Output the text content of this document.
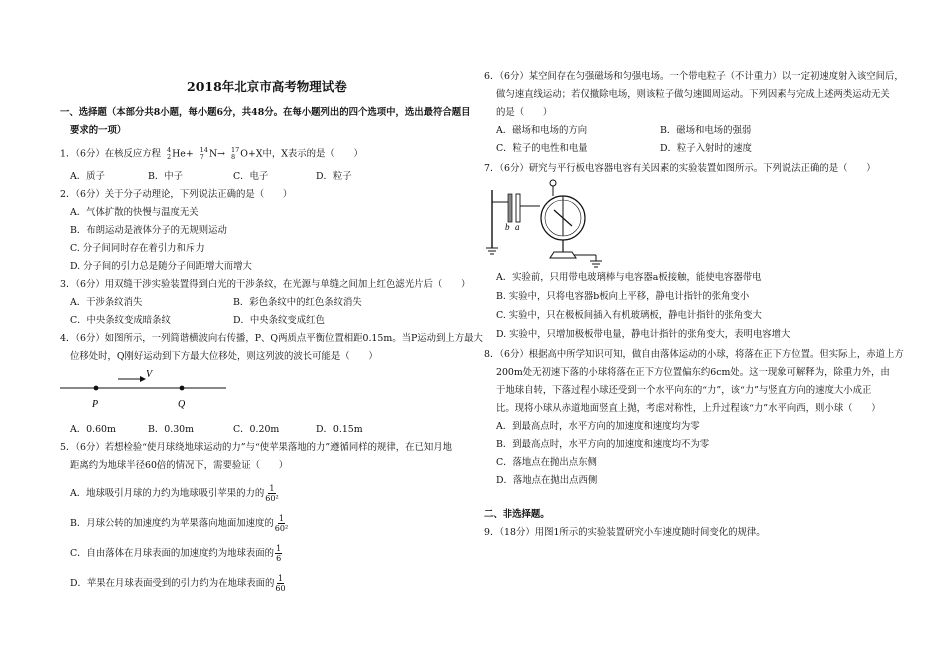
2018年北京市高考物理试卷
一、选择题（本部分共8小题，每小题6分，共48分。在每小题列出的四个选项中，选出最符合题目
要求的一项）
1．（6分）在核反应方程 4
2 He+ 14
7 N→ 17
8 O+X中，X表示的是（　　）
A．质子	B．中子	C．电子	D．粒子
2．（6分）关于分子动理论，下列说法正确的是（　　）
A．气体扩散的快慢与温度无关
B．布朗运动是液体分子的无规则运动
C. 分子间同时存在着引力和斥力
D. 分子间的引力总是随分子间距增大而增大
3．（6分）用双缝干涉实验装置得到白光的干涉条纹，在光源与单缝之间加上红色滤光片后（　　）
A．干涉条纹消失	B．彩色条纹中的红色条纹消失
C．中央条纹变成暗条纹	D．中央条纹变成红色
4．（6分）如图所示，一列简谐横波向右传播，P、Q两质点平衡位置相距0.15m。当P运动到上方最大
位移处时，Q刚好运动到下方最大位移处，则这列波的波长可能是（　　）
V
P	Q
A．0.60m	B．0.30m	C．0.20m	D．0.15m
5．（6分）若想检验“使月球绕地球运动的力”与“使苹果落地的力”遵循同样的规律，在已知月地
距离约为地球半径60倍的情况下，需要验证（　　）
A．地球吸引月球的力约为地球吸引苹果的力的 $\frac{1}{\text{60²}}$
B．月球公转的加速度约为苹果落向地面加速度的 $\frac{1}{\text{60²}}$
C．自由落体在月球表面的加速度约为地球表面的 $\frac{1}{6}$
D．苹果在月球表面受到的引力约为在地球表面的 $\frac{1}{60}$
6．（6分）某空间存在匀强磁场和匀强电场。一个带电粒子（不计重力）以一定初速度射入该空间后，
做匀速直线运动；若仅撤除电场，则该粒子做匀速圆周运动。下列因素与完成上述两类运动无关
的是（　　）
A．磁场和电场的方向	B．磁场和电场的强弱
C．粒子的电性和电量	D．粒子入射时的速度
7．（6分）研究与平行板电容器电容有关因素的实验装置如图所示。下列说法正确的是（　　）
b a
A．实验前，只用带电玻璃棒与电容器a板接触，能使电容器带电
B. 实验中，只将电容器b板向上平移，静电计指针的张角变小
C. 实验中，只在极板间插入有机玻璃板，静电计指针的张角变大
D. 实验中，只增加极板带电量，静电计指针的张角变大，表明电容增大
8．（6分）根据高中所学知识可知，做自由落体运动的小球，将落在正下方位置。但实际上，赤道上方
200m处无初速下落的小球将落在正下方位置偏东约6cm处。这一现象可解释为，除重力外，由
于地球自转，下落过程小球还受到一个水平向东的“力”，该“力”与竖直方向的速度大小成正
比。现将小球从赤道地面竖直上抛，考虑对称性，上升过程该“力”水平向西，则小球（　　）
A．到最高点时，水平方向的加速度和速度均为零
B．到最高点时，水平方向的加速度和速度均不为零
C．落地点在抛出点东侧
D．落地点在抛出点西侧
二、非选择题。
9．（18分）用图1所示的实验装置研究小车速度随时间变化的规律。
